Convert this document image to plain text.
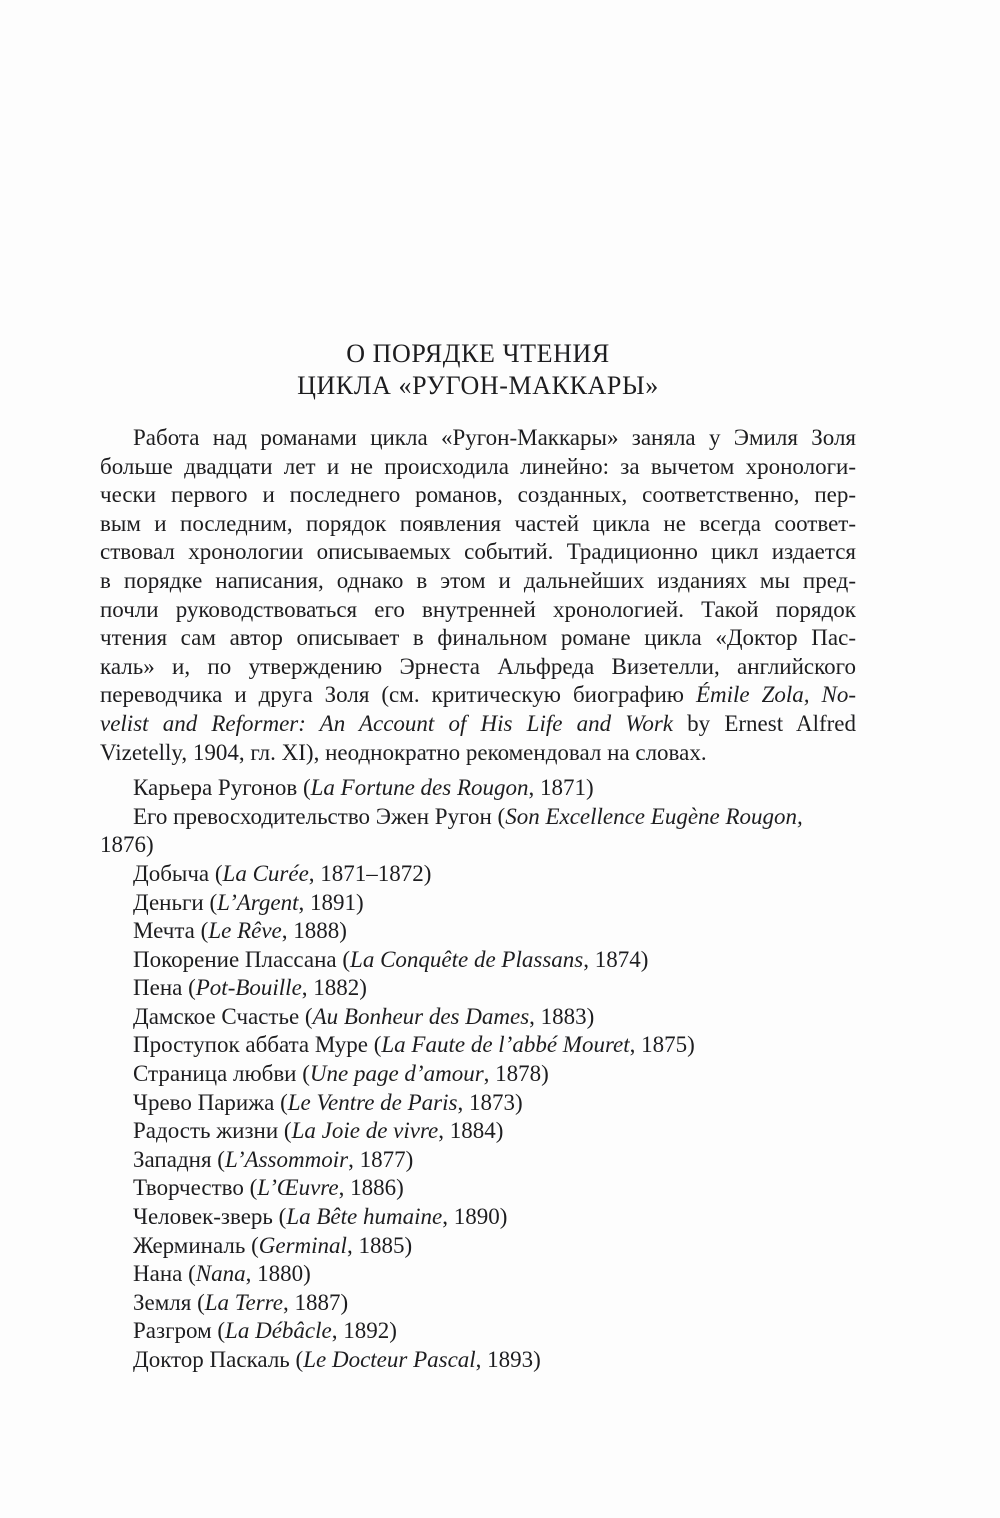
О ПОРЯДКЕ ЧТЕНИЯ
ЦИКЛА «РУГОН-МАККАРЫ»
Работа над романами цикла «Ругон-Маккары» заняла у Эмиля Золя
больше двадцати лет и не происходила линейно: за вычетом хронологи-
чески первого и последнего романов, созданных, соответственно, пер-
вым и последним, порядок появления частей цикла не всегда соответ-
ствовал хронологии описываемых событий. Традиционно цикл издается
в порядке написания, однако в этом и дальнейших изданиях мы пред-
почли руководствоваться его внутренней хронологией. Такой порядок
чтения сам автор описывает в финальном романе цикла «Доктор Пас-
каль» и, по утверждению Эрнеста Альфреда Визетелли, английского
переводчика и друга Золя (см. критическую биографию Émile Zola, No-
velist and Reformer: An Account of His Life and Work by Ernest Alfred
Vizetelly, 1904, гл. XI), неоднократно рекомендовал на словах.
Карьера Ругонов (La Fortune des Rougon, 1871)
Его превосходительство Эжен Ругон (Son Excellence Eugène Rougon,
1876)
Добыча (La Curée, 1871–1872)
Деньги (L’Argent, 1891)
Мечта (Le Rêve, 1888)
Покорение Плассана (La Conquête de Plassans, 1874)
Пена (Pot-Bouille, 1882)
Дамское Счастье (Au Bonheur des Dames, 1883)
Проступок аббата Муре (La Faute de l’abbé Mouret, 1875)
Страница любви (Une page d’amour, 1878)
Чрево Парижа (Le Ventre de Paris, 1873)
Радость жизни (La Joie de vivre, 1884)
Западня (L’Assommoir, 1877)
Творчество (L’Œuvre, 1886)
Человек-зверь (La Bête humaine, 1890)
Жерминаль (Germinal, 1885)
Нана (Nana, 1880)
Земля (La Terre, 1887)
Разгром (La Débâcle, 1892)
Доктор Паскаль (Le Docteur Pascal, 1893)
